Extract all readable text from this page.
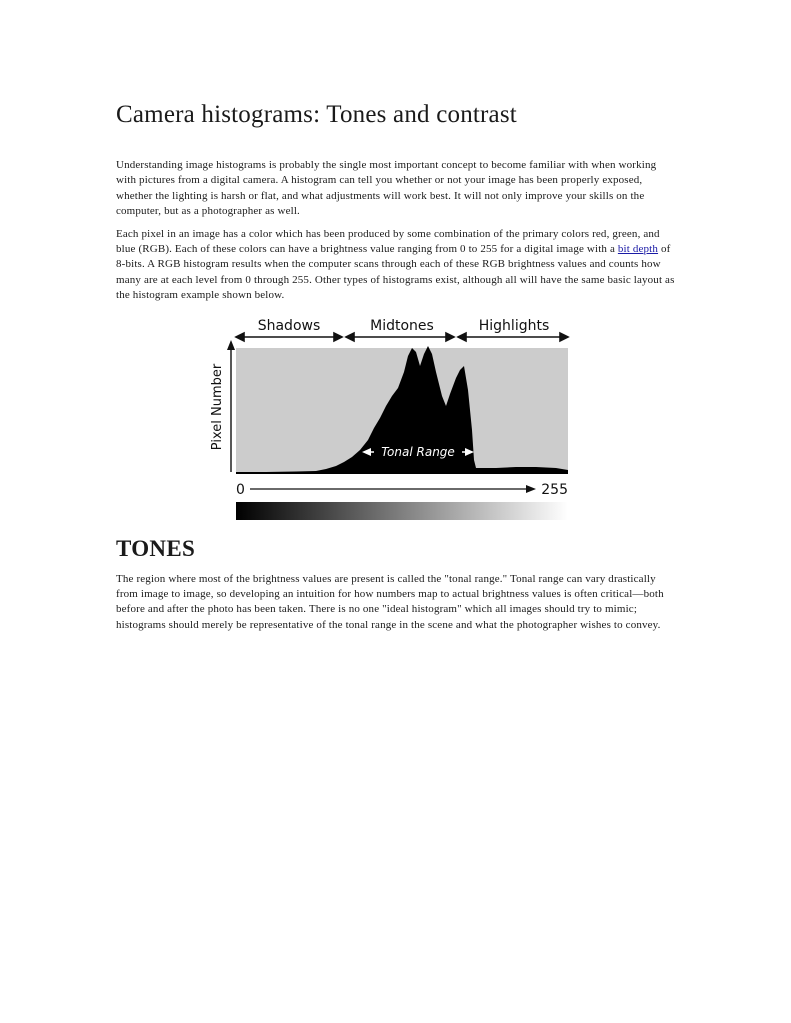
Camera histograms: Tones and contrast

Understanding image histograms is probably the single most important concept to become familiar with when working with pictures from a digital camera. A histogram can tell you whether or not your image has been properly exposed, whether the lighting is harsh or flat, and what adjustments will work best. It will not only improve your skills on the computer, but as a photographer as well.

Each pixel in an image has a color which has been produced by some combination of the primary colors red, green, and blue (RGB). Each of these colors can have a brightness value ranging from 0 to 255 for a digital image with a bit depth of 8-bits. A RGB histogram results when the computer scans through each of these RGB brightness values and counts how many are at each level from 0 through 255. Other types of histograms exist, although all will have the same basic layout as the histogram example shown below.

Shadows	Midtones	Highlights
Pixel Number
Tonal Range
0	255
TONES

The region where most of the brightness values are present is called the "tonal range." Tonal range can vary drastically from image to image, so developing an intuition for how numbers map to actual brightness values is often critical—both before and after the photo has been taken. There is no one "ideal histogram" which all images should try to mimic; histograms should merely be representative of the tonal range in the scene and what the photographer wishes to convey.
